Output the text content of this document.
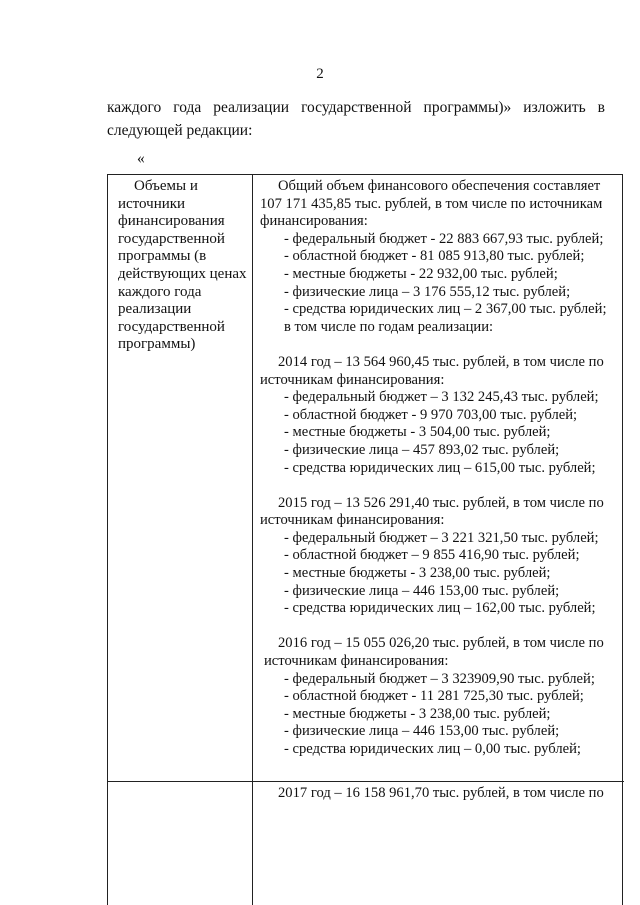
2
каждого года реализации государственной программы)» изложить в
следующей редакции:
«
Объемы и
источники
финансирования
государственной
программы (в
действующих ценах
каждого года
реализации
государственной
программы)
Общий объем финансового обеспечения составляет
107 171 435,85 тыс. рублей, в том числе по источникам
финансирования:
- федеральный бюджет - 22 883 667,93 тыс. рублей;
- областной бюджет - 81 085 913,80 тыс. рублей;
- местные бюджеты - 22 932,00 тыс. рублей;
- физические лица – 3 176 555,12 тыс. рублей;
- средства юридических лиц – 2 367,00 тыс. рублей;
в том числе по годам реализации:
2014 год – 13 564 960,45 тыс. рублей, в том числе по
источникам финансирования:
- федеральный бюджет – 3 132 245,43 тыс. рублей;
- областной бюджет - 9 970 703,00 тыс. рублей;
- местные бюджеты - 3 504,00 тыс. рублей;
- физические лица – 457 893,02 тыс. рублей;
- средства юридических лиц – 615,00 тыс. рублей;
2015 год – 13 526 291,40 тыс. рублей, в том числе по
источникам финансирования:
- федеральный бюджет – 3 221 321,50 тыс. рублей;
- областной бюджет – 9 855 416,90 тыс. рублей;
- местные бюджеты - 3 238,00 тыс. рублей;
- физические лица – 446 153,00 тыс. рублей;
- средства юридических лиц – 162,00 тыс. рублей;
2016 год – 15 055 026,20 тыс. рублей, в том числе по
источникам финансирования:
- федеральный бюджет – 3 323909,90 тыс. рублей;
- областной бюджет - 11 281 725,30 тыс. рублей;
- местные бюджеты - 3 238,00 тыс. рублей;
- физические лица – 446 153,00 тыс. рублей;
- средства юридических лиц – 0,00 тыс. рублей;
2017 год – 16 158 961,70 тыс. рублей, в том числе по
